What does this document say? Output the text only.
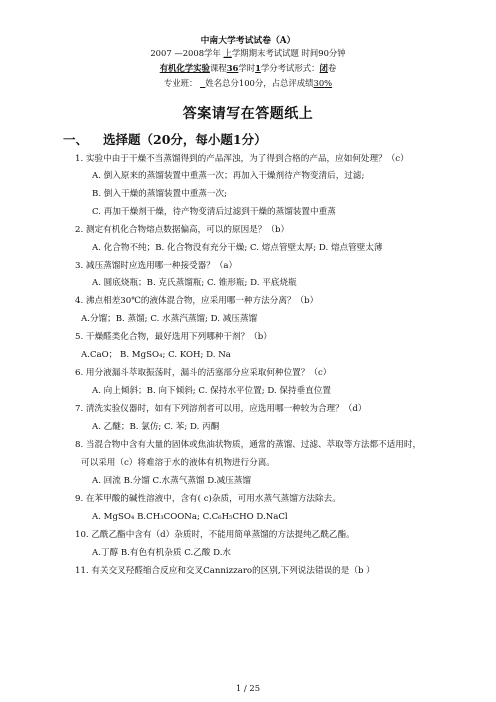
中南大学考试试卷（A）
2007 —2008学年 上学期期末考试试题 时间90分钟
有机化学实验课程36学时1学分考试形式：闭卷
专业班： 姓名总分100分，占总评成绩30%
答案请写在答题纸上
一、 选择题（20分，每小题1分）
1. 实验中由于干燥不当蒸馏得到的产品浑浊，为了得到合格的产品，应如何处理？（c）
A. 倒入原来的蒸馏装置中重蒸一次；再加入干燥剂待产物变清后，过滤;
B. 倒入干燥的蒸馏装置中重蒸一次;
C. 再加干燥剂干燥，待产物变清后过滤到干燥的蒸馏装置中重蒸
2. 测定有机化合物熔点数据偏高，可以的原因是？（b）
A. 化合物不纯；B. 化合物没有充分干燥; C. 熔点管壁太厚; D. 熔点管壁太薄
3. 减压蒸馏时应选用哪一种接受器？（a）
A. 圆底烧瓶；B. 克氏蒸馏瓶; C. 锥形瓶; D. 平底烧瓶
4. 沸点相差30℃的液体混合物，应采用哪一种方法分离？（b）
A.分馏；B. 蒸馏; C. 水蒸汽蒸馏; D. 减压蒸馏
5. 干燥醛类化合物，最好选用下列哪种干剂？（b）
A.CaO； B. MgSO₄; C. KOH; D. Na
6. 用分液漏斗萃取振荡时，漏斗的活塞部分应采取何种位置？（c）
A. 向上倾斜；B. 向下倾斜; C. 保持水平位置; D. 保持垂直位置
7. 清洗实验仪器时，如有下列溶剂者可以用，应选用哪一种较为合理？（d）
A. 乙醚；B. 氯仿; C. 苯; D. 丙酮
8. 当混合物中含有大量的固体或焦油状物质，通常的蒸馏、过滤、萃取等方法都不适用时，
可以采用（c）将难溶于水的液体有机物进行分离。
A. 回流 B.分馏 C.水蒸气蒸馏 D.减压蒸馏
9. 在苯甲酸的碱性溶液中，含有( c)杂质，可用水蒸气蒸馏方法除去。
A. MgSO₄ B.CH₃COONa; C.C₆H₅CHO D.NaCl
10. 乙酰乙酯中含有（d）杂质时，不能用简单蒸馏的方法提纯乙酰乙酯。
A.丁醇 B.有色有机杂质 C.乙酸 D.水
11. 有关交叉羟醛缩合反应和交叉Cannizzaro的区别,下列说法错误的是（b ）
1 / 25
